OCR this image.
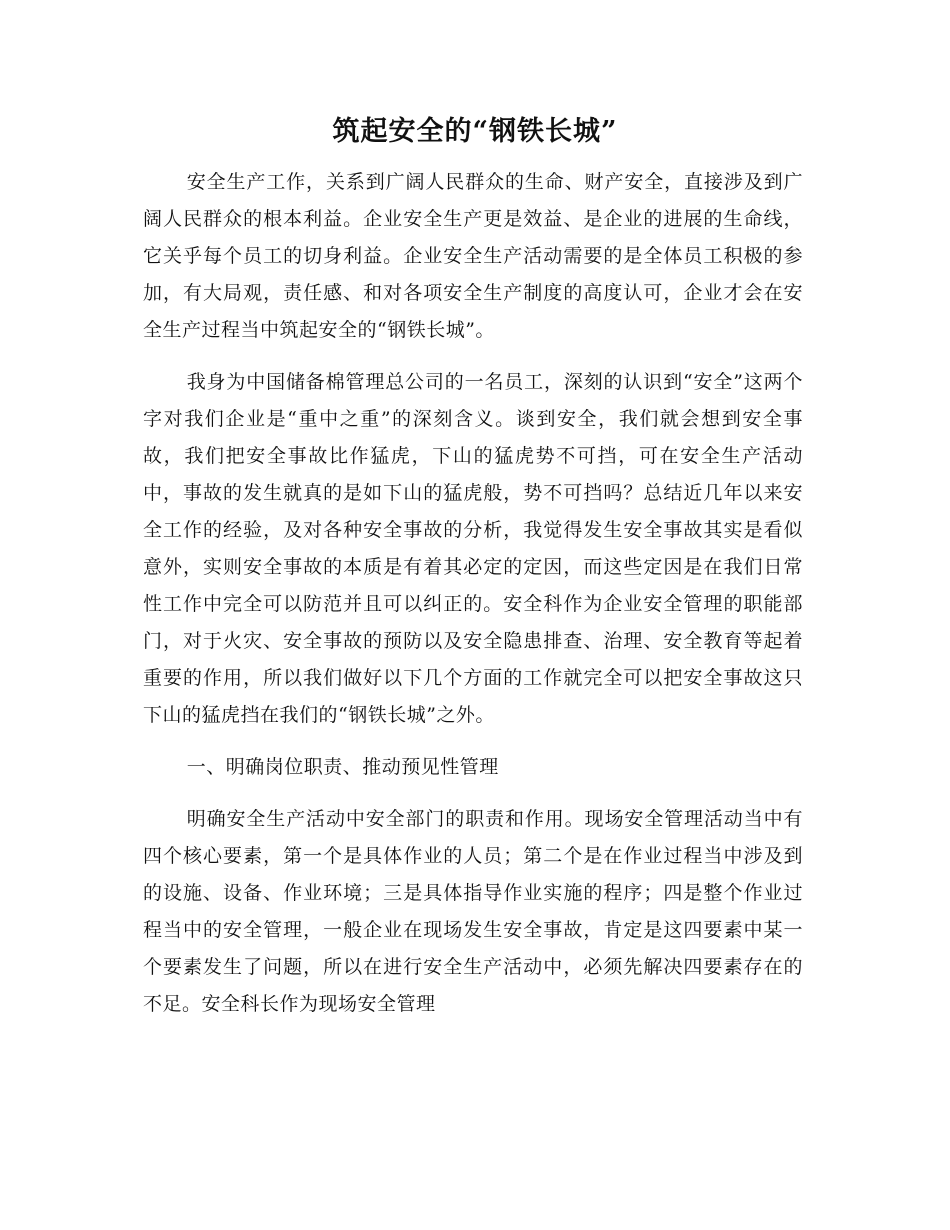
筑起安全的“钢铁长城”

安全生产工作，关系到广阔人民群众的生命、财产安全，直接涉及到广阔人民群众的根本利益。企业安全生产更是效益、是企业的进展的生命线，它关乎每个员工的切身利益。企业安全生产活动需要的是全体员工积极的参加，有大局观，责任感、和对各项安全生产制度的高度认可，企业才会在安全生产过程当中筑起安全的“钢铁长城”。

我身为中国储备棉管理总公司的一名员工，深刻的认识到“安全”这两个字对我们企业是“重中之重”的深刻含义。谈到安全，我们就会想到安全事故，我们把安全事故比作猛虎，下山的猛虎势不可挡，可在安全生产活动中，事故的发生就真的是如下山的猛虎般，势不可挡吗？总结近几年以来安全工作的经验，及对各种安全事故的分析，我觉得发生安全事故其实是看似意外，实则安全事故的本质是有着其必定的定因，而这些定因是在我们日常性工作中完全可以防范并且可以纠正的。安全科作为企业安全管理的职能部门，对于火灾、安全事故的预防以及安全隐患排查、治理、安全教育等起着重要的作用，所以我们做好以下几个方面的工作就完全可以把安全事故这只下山的猛虎挡在我们的“钢铁长城”之外。

一、明确岗位职责、推动预见性管理

明确安全生产活动中安全部门的职责和作用。现场安全管理活动当中有四个核心要素，第一个是具体作业的人员；第二个是在作业过程当中涉及到的设施、设备、作业环境；三是具体指导作业实施的程序；四是整个作业过程当中的安全管理，一般企业在现场发生安全事故，肯定是这四要素中某一个要素发生了问题，所以在进行安全生产活动中，必须先解决四要素存在的不足。安全科长作为现场安全管理
